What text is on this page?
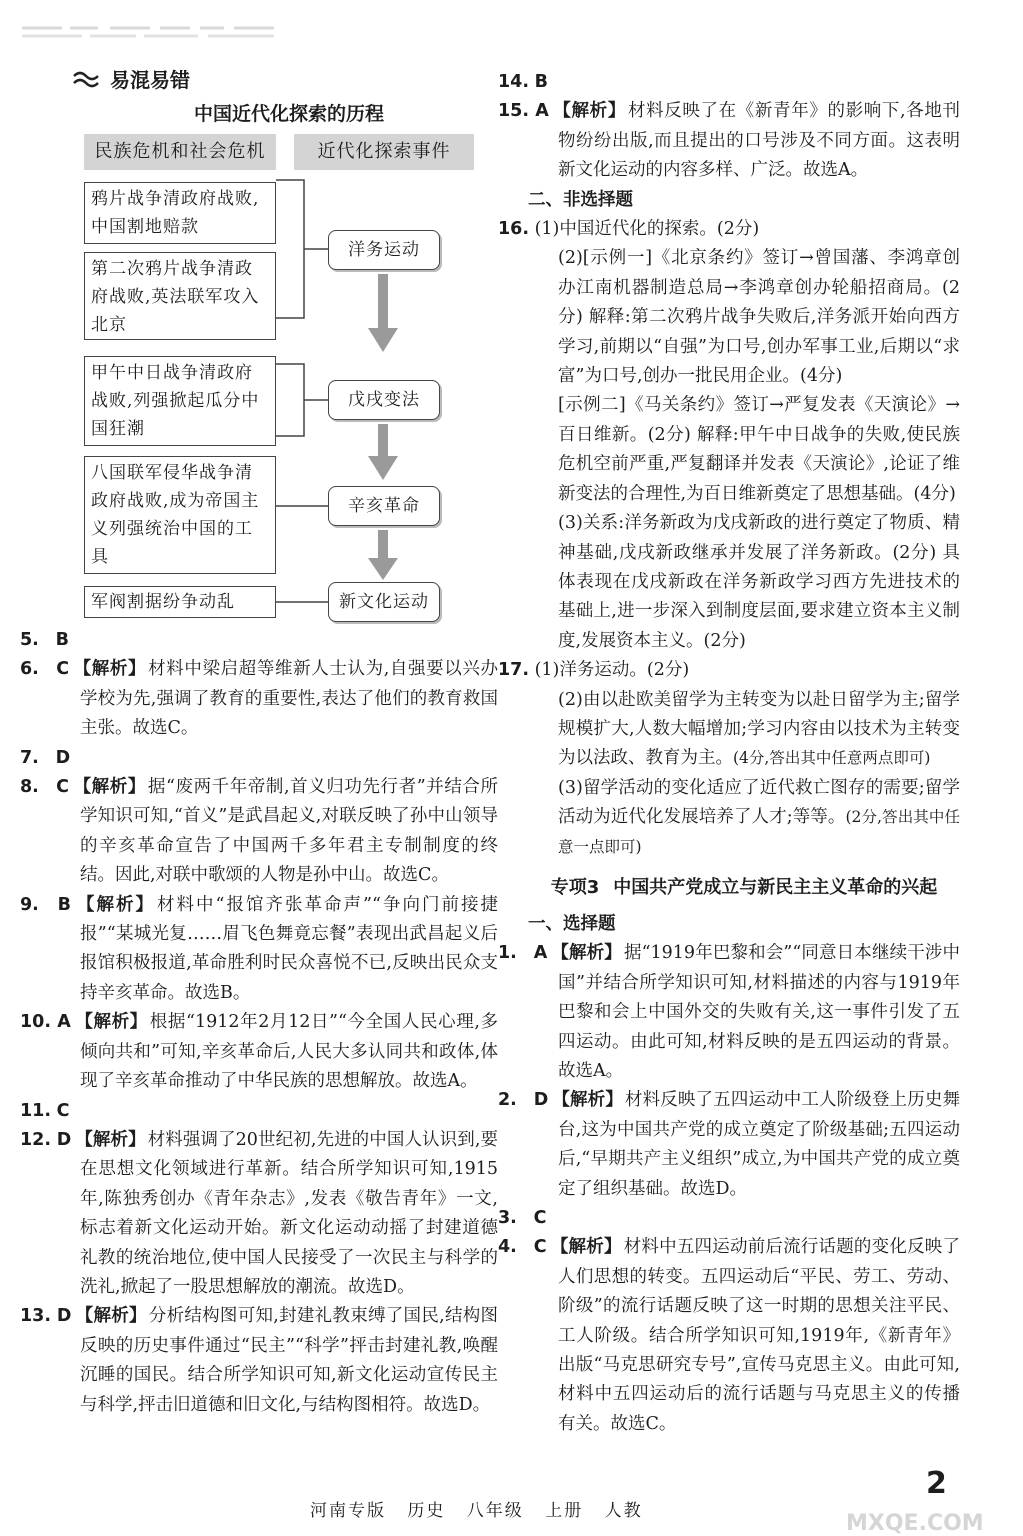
易混易错
中国近代化探索的历程
民族危机和社会危机	近代化探索事件
鸦片战争清政府战败,中国割地赔款
第二次鸦片战争清政府战败,英法联军攻入北京
甲午中日战争清政府战败,列强掀起瓜分中国狂潮
八国联军侵华战争清政府战败,成为帝国主义列强统治中国的工具
军阀割据纷争动乱
洋务运动
戊戌变法
辛亥革命
新文化运动

5. B

6. C 【解析】 材料中梁启超等维新人士认为,自强要以兴办学校为先,强调了教育的重要性,表达了他们的教育救国主张。故选C。

7. D

8. C 【解析】 据“废两千年帝制,首义归功先行者”并结合所学知识可知,“首义”是武昌起义,对联反映了孙中山领导的辛亥革命宣告了中国两千多年君主专制制度的终结。因此,对联中歌颂的人物是孙中山。故选C。

9. B 【解析】 材料中“报馆齐张革命声”“争向门前接捷报”“某城光复……眉飞色舞竟忘餐”表现出武昌起义后报馆积极报道,革命胜利时民众喜悦不已,反映出民众支持辛亥革命。故选B。

10. A 【解析】 根据“1912年2月12日”“今全国人民心理,多倾向共和”可知,辛亥革命后,人民大多认同共和政体,体现了辛亥革命推动了中华民族的思想解放。故选A。

11. C

12. D 【解析】 材料强调了20世纪初,先进的中国人认识到,要在思想文化领域进行革新。结合所学知识可知,1915年,陈独秀创办《青年杂志》,发表《敬告青年》一文,标志着新文化运动开始。新文化运动动摇了封建道德礼教的统治地位,使中国人民接受了一次民主与科学的洗礼,掀起了一股思想解放的潮流。故选D。

13. D 【解析】 分析结构图可知,封建礼教束缚了国民,结构图反映的历史事件通过“民主”“科学”抨击封建礼教,唤醒沉睡的国民。结合所学知识可知,新文化运动宣传民主与科学,抨击旧道德和旧文化,与结构图相符。故选D。

14. B

15. A 【解析】 材料反映了在《新青年》的影响下,各地刊物纷纷出版,而且提出的口号涉及不同方面。这表明新文化运动的内容多样、广泛。故选A。

二、非选择题

16. (1)中国近代化的探索。(2分)

(2)[示例一]《北京条约》签订→曾国藩、李鸿章创办江南机器制造总局→李鸿章创办轮船招商局。(2分) 解释:第二次鸦片战争失败后,洋务派开始向西方学习,前期以“自强”为口号,创办军事工业,后期以“求富”为口号,创办一批民用企业。(4分)

[示例二]《马关条约》签订→严复发表《天演论》→百日维新。(2分) 解释:甲午中日战争的失败,使民族危机空前严重,严复翻译并发表《天演论》,论证了维新变法的合理性,为百日维新奠定了思想基础。(4分)

(3)关系:洋务新政为戊戌新政的进行奠定了物质、精神基础,戊戌新政继承并发展了洋务新政。(2分) 具体表现在戊戌新政在洋务新政学习西方先进技术的基础上,进一步深入到制度层面,要求建立资本主义制度,发展资本主义。(2分)

17. (1)洋务运动。(2分)

(2)由以赴欧美留学为主转变为以赴日留学为主;留学规模扩大,人数大幅增加;学习内容由以技术为主转变为以法政、教育为主。(4分,答出其中任意两点即可)

(3)留学活动的变化适应了近代救亡图存的需要;留学活动为近代化发展培养了人才;等等。(2分,答出其中任意一点即可)

专项3 中国共产党成立与新民主主义革命的兴起

一、选择题

1. A 【解析】 据“1919年巴黎和会”“同意日本继续干涉中国”并结合所学知识可知,材料描述的内容与1919年巴黎和会上中国外交的失败有关,这一事件引发了五四运动。由此可知,材料反映的是五四运动的背景。故选A。

2. D 【解析】 材料反映了五四运动中工人阶级登上历史舞台,这为中国共产党的成立奠定了阶级基础;五四运动后,“早期共产主义组织”成立,为中国共产党的成立奠定了组织基础。故选D。

3. C

4. C 【解析】 材料中五四运动前后流行话题的变化反映了人们思想的转变。五四运动后“平民、劳工、劳动、阶级”的流行话题反映了这一时期的思想关注平民、工人阶级。结合所学知识可知,1919年,《新青年》出版“马克思研究专号”,宣传马克思主义。由此可知,材料中五四运动后的流行话题与马克思主义的传播有关。故选C。

河南专版 历史 八年级 上册 人教
2
MXQE.COM
